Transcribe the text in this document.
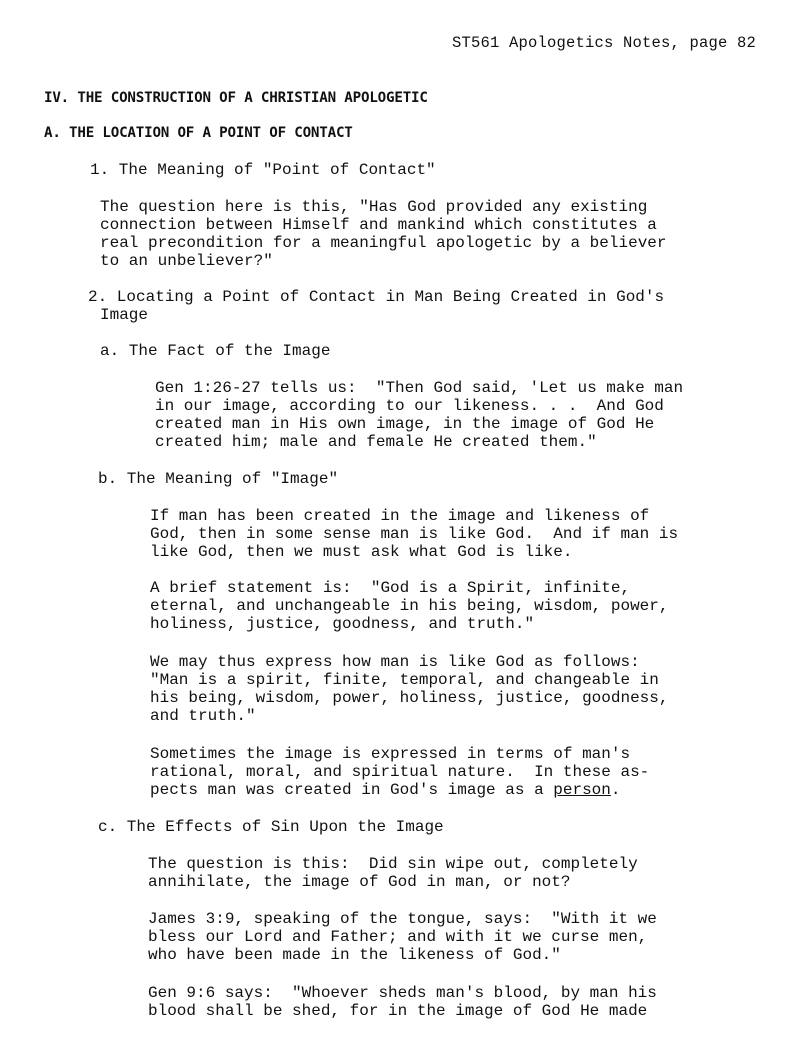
ST561 Apologetics Notes, page 82
IV. THE CONSTRUCTION OF A CHRISTIAN APOLOGETIC
A. THE LOCATION OF A POINT OF CONTACT
1. The Meaning of "Point of Contact"

The question here is this, "Has God provided any existing
connection between Himself and mankind which constitutes a
real precondition for a meaningful apologetic by a believer
to an unbeliever?"

2. Locating a Point of Contact in Man Being Created in God's
Image
a. The Fact of the Image

Gen 1:26-27 tells us:  "Then God said, 'Let us make man
in our image, according to our likeness. . .  And God
created man in His own image, in the image of God He
created him; male and female He created them."

b. The Meaning of "Image"

If man has been created in the image and likeness of
God, then in some sense man is like God.  And if man is
like God, then we must ask what God is like.

A brief statement is:  "God is a Spirit, infinite,
eternal, and unchangeable in his being, wisdom, power,
holiness, justice, goodness, and truth."

We may thus express how man is like God as follows:
"Man is a spirit, finite, temporal, and changeable in
his being, wisdom, power, holiness, justice, goodness,
and truth."

Sometimes the image is expressed in terms of man's
rational, moral, and spiritual nature.  In these as-
pects man was created in God's image as a person.

c. The Effects of Sin Upon the Image

The question is this:  Did sin wipe out, completely
annihilate, the image of God in man, or not?

James 3:9, speaking of the tongue, says:  "With it we
bless our Lord and Father; and with it we curse men,
who have been made in the likeness of God."

Gen 9:6 says:  "Whoever sheds man's blood, by man his
blood shall be shed, for in the image of God He made
